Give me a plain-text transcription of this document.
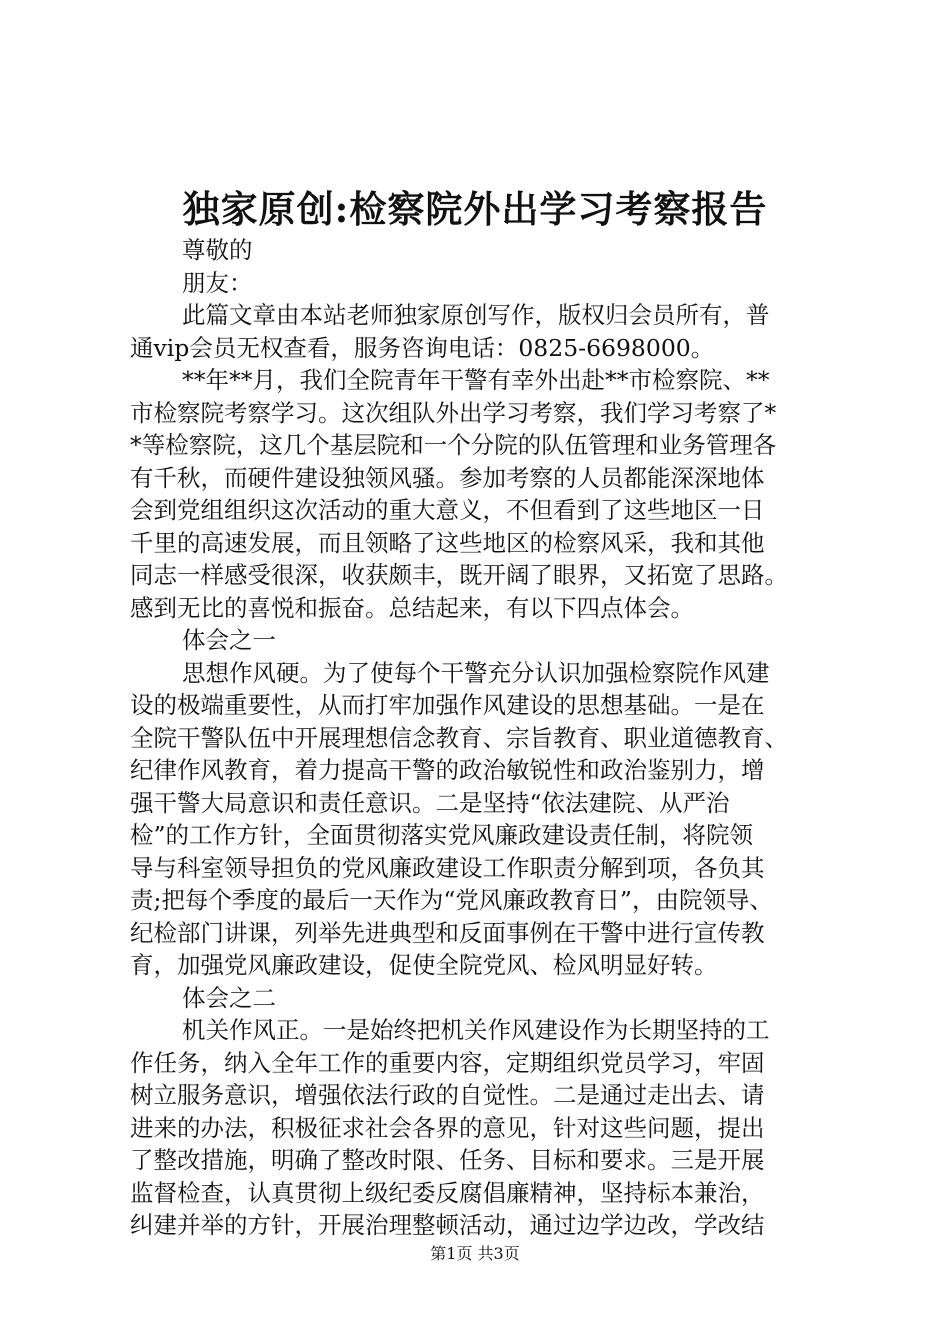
独家原创:检察院外出学习考察报告
尊敬的
朋友：
此篇文章由本站老师独家原创写作，版权归会员所有，普
通vip会员无权查看，服务咨询电话：0825-6698000。
**年**月，我们全院青年干警有幸外出赴**市检察院、**
市检察院考察学习。这次组队外出学习考察，我们学习考察了*
*等检察院，这几个基层院和一个分院的队伍管理和业务管理各
有千秋，而硬件建设独领风骚。参加考察的人员都能深深地体
会到党组组织这次活动的重大意义，不但看到了这些地区一日
千里的高速发展，而且领略了这些地区的检察风采，我和其他
同志一样感受很深，收获颇丰，既开阔了眼界，又拓宽了思路。
感到无比的喜悦和振奋。总结起来，有以下四点体会。
体会之一
思想作风硬。为了使每个干警充分认识加强检察院作风建
设的极端重要性，从而打牢加强作风建设的思想基础。一是在
全院干警队伍中开展理想信念教育、宗旨教育、职业道德教育、
纪律作风教育，着力提高干警的政治敏锐性和政治鉴别力，增
强干警大局意识和责任意识。二是坚持“依法建院、从严治
检”的工作方针，全面贯彻落实党风廉政建设责任制，将院领
导与科室领导担负的党风廉政建设工作职责分解到项，各负其
责;把每个季度的最后一天作为“党风廉政教育日”，由院领导、
纪检部门讲课，列举先进典型和反面事例在干警中进行宣传教
育，加强党风廉政建设，促使全院党风、检风明显好转。
体会之二
机关作风正。一是始终把机关作风建设作为长期坚持的工
作任务，纳入全年工作的重要内容，定期组织党员学习，牢固
树立服务意识，增强依法行政的自觉性。二是通过走出去、请
进来的办法，积极征求社会各界的意见，针对这些问题，提出
了整改措施，明确了整改时限、任务、目标和要求。三是开展
监督检查，认真贯彻上级纪委反腐倡廉精神，坚持标本兼治，
纠建并举的方针，开展治理整顿活动，通过边学边改，学改结
第1页 共3页
